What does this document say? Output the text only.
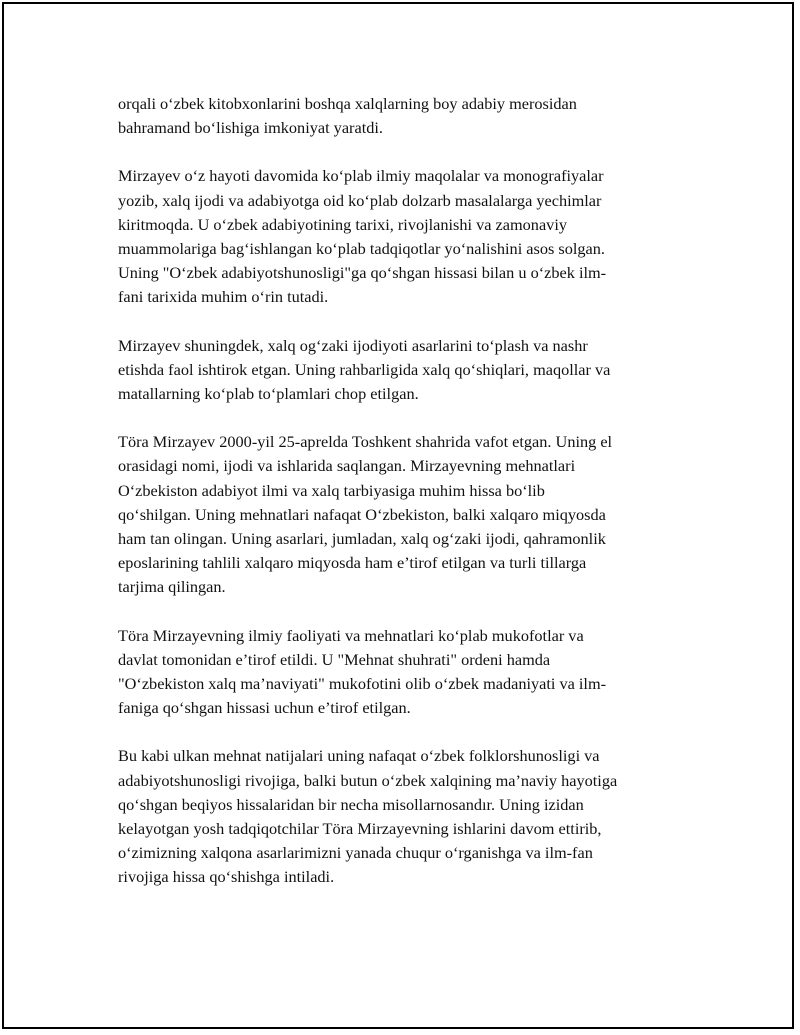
orqali o‘zbek kitobxonlarini boshqa xalqlarning boy adabiy merosidan
bahramand bo‘lishiga imkoniyat yaratdi.

Mirzayev o‘z hayoti davomida ko‘plab ilmiy maqolalar va monografiyalar
yozib, xalq ijodi va adabiyotga oid ko‘plab dolzarb masalalarga yechimlar
kiritmoqda. U o‘zbek adabiyotining tarixi, rivojlanishi va zamonaviy
muammolariga bag‘ishlangan ko‘plab tadqiqotlar yo‘nalishini asos solgan.
Uning "O‘zbek adabiyotshunosligi"ga qo‘shgan hissasi bilan u o‘zbek ilm-
fani tarixida muhim o‘rin tutadi.

Mirzayev shuningdek, xalq og‘zaki ijodiyoti asarlarini to‘plash va nashr
etishda faol ishtirok etgan. Uning rahbarligida xalq qo‘shiqlari, maqollar va
matallarning ko‘plab to‘plamlari chop etilgan.

Töra Mirzayev 2000-yil 25-aprelda Toshkent shahrida vafot etgan. Uning el
orasidagi nomi, ijodi va ishlarida saqlangan. Mirzayevning mehnatlari
O‘zbekiston adabiyot ilmi va xalq tarbiyasiga muhim hissa bo‘lib
qo‘shilgan. Uning mehnatlari nafaqat O‘zbekiston, balki xalqaro miqyosda
ham tan olingan. Uning asarlari, jumladan, xalq og‘zaki ijodi, qahramonlik
eposlarining tahlili xalqaro miqyosda ham e’tirof etilgan va turli tillarga
tarjima qilingan.

Töra Mirzayevning ilmiy faoliyati va mehnatlari ko‘plab mukofotlar va
davlat tomonidan e’tirof etildi. U "Mehnat shuhrati" ordeni hamda
"O‘zbekiston xalq ma’naviyati" mukofotini olib o‘zbek madaniyati va ilm-
faniga qo‘shgan hissasi uchun e’tirof etilgan.

Bu kabi ulkan mehnat natijalari uning nafaqat o‘zbek folklorshunosligi va
adabiyotshunosligi rivojiga, balki butun o‘zbek xalqining ma’naviy hayotiga
qo‘shgan beqiyos hissalaridan bir necha misollarnosandır. Uning izidan
kelayotgan yosh tadqiqotchilar Töra Mirzayevning ishlarini davom ettirib,
o‘zimizning xalqona asarlarimizni yanada chuqur o‘rganishga va ilm-fan
rivojiga hissa qo‘shishga intiladi.
